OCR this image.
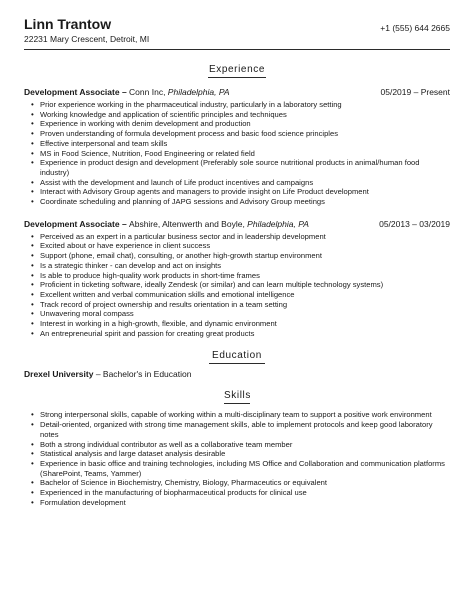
Linn Trantow
22231 Mary Crescent, Detroit, MI
+1 (555) 644 2665
Experience
Development Associate – Conn Inc, Philadelphia, PA	05/2019 – Present
• Prior experience working in the pharmaceutical industry, particularly in a laboratory setting
• Working knowledge and application of scientific principles and techniques
• Experience in working with denim development and production
• Proven understanding of formula development process and basic food science principles
• Effective interpersonal and team skills
• MS in Food Science, Nutrition, Food Engineering or related field
• Experience in product design and development (Preferably sole source nutritional products in animal/human food industry)
• Assist with the development and launch of Life product incentives and campaigns
• Interact with Advisory Group agents and managers to provide insight on Life Product development
• Coordinate scheduling and planning of JAPG sessions and Advisory Group meetings
Development Associate – Abshire, Altenwerth and Boyle, Philadelphia, PA	05/2013 – 03/2019
• Perceived as an expert in a particular business sector and in leadership development
• Excited about or have experience in client success
• Support (phone, email chat), consulting, or another high-growth startup environment
• Is a strategic thinker - can develop and act on insights
• Is able to produce high-quality work products in short-time frames
• Proficient in ticketing software, ideally Zendesk (or similar) and can learn multiple technology systems)
• Excellent written and verbal communication skills and emotional intelligence
• Track record of project ownership and results orientation in a team setting
• Unwavering moral compass
• Interest in working in a high-growth, flexible, and dynamic environment
• An entrepreneurial spirit and passion for creating great products
Education
Drexel University – Bachelor's in Education
Skills
• Strong interpersonal skills, capable of working within a multi-disciplinary team to support a positive work environment
• Detail-oriented, organized with strong time management skills, able to implement protocols and keep good laboratory notes
• Both a strong individual contributor as well as a collaborative team member
• Statistical analysis and large dataset analysis desirable
• Experience in basic office and training technologies, including MS Office and Collaboration and communication platforms (SharePoint, Teams, Yammer)
• Bachelor of Science in Biochemistry, Chemistry, Biology, Pharmaceutics or equivalent
• Experienced in the manufacturing of biopharmaceutical products for clinical use
• Formulation development
